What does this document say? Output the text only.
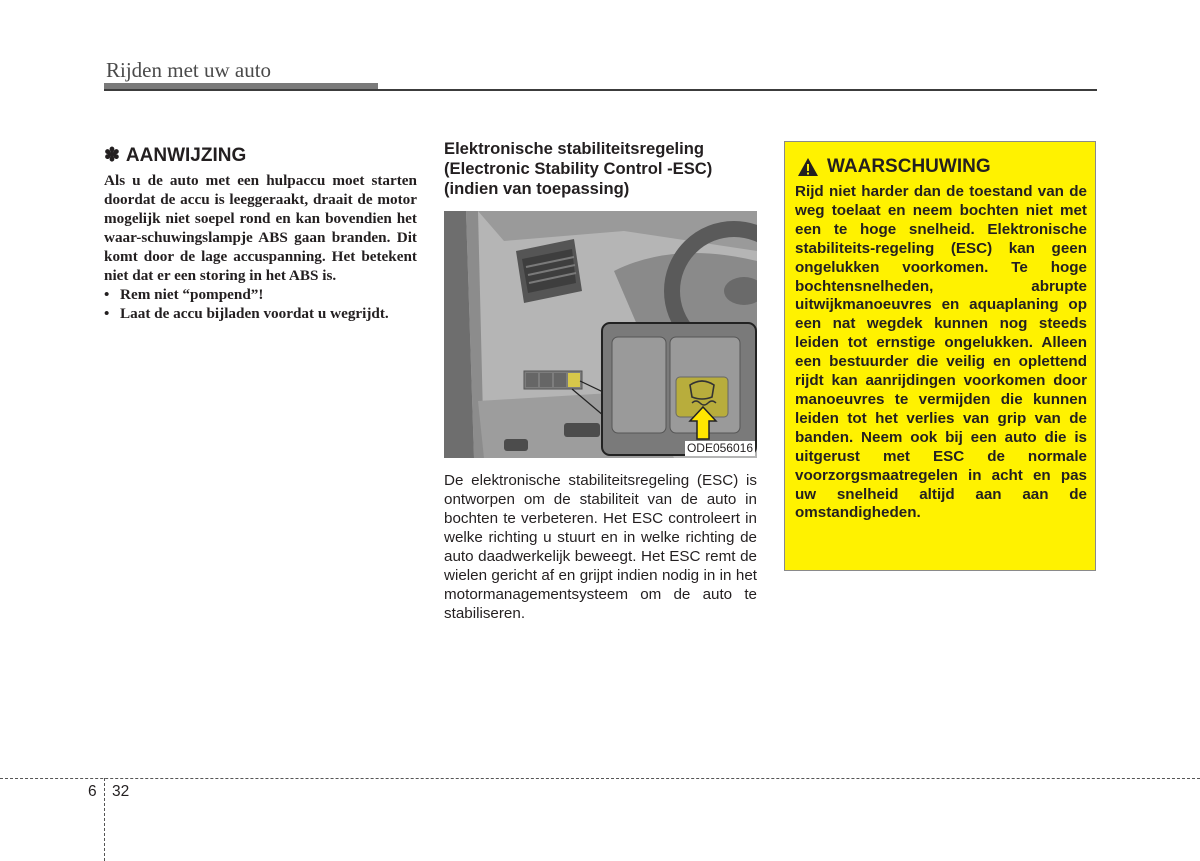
Rijden met uw auto
✽ AANWIJZING

Als u de auto met een hulpaccu moet starten doordat de accu is leeggeraakt, draait de motor mogelijk niet soepel rond en kan bovendien het waar-schuwingslampje ABS gaan branden. Dit komt door de lage accuspanning. Het betekent niet dat er een storing in het ABS is.

• Rem niet “pompend”!
• Laat de accu bijladen voordat u wegrijdt.
Elektronische stabiliteitsregeling
(Electronic Stability Control -ESC)
(indien van toepassing)
ODE056016

De elektronische stabiliteitsregeling (ESC) is ontworpen om de stabiliteit van de auto in bochten te verbeteren. Het ESC controleert in welke richting u stuurt en in welke richting de auto daadwerkelijk beweegt. Het ESC remt de wielen gericht af en grijpt indien nodig in in het motormanagementsysteem om de auto te stabiliseren.

WAARSCHUWING

Rijd niet harder dan de toestand van de weg toelaat en neem bochten niet met een te hoge snelheid. Elektronische stabiliteits-regeling (ESC) kan geen ongelukken voorkomen. Te hoge bochtensnelheden, abrupte uitwijkmanoeuvres en aquaplaning op een nat wegdek kunnen nog steeds leiden tot ernstige ongelukken. Alleen een bestuurder die veilig en oplettend rijdt kan aanrijdingen voorkomen door manoeuvres te vermijden die kunnen leiden tot het verlies van grip van de banden. Neem ook bij een auto die is uitgerust met ESC de normale voorzorgsmaatregelen in acht en pas uw snelheid altijd aan aan de omstandigheden.

6 32
